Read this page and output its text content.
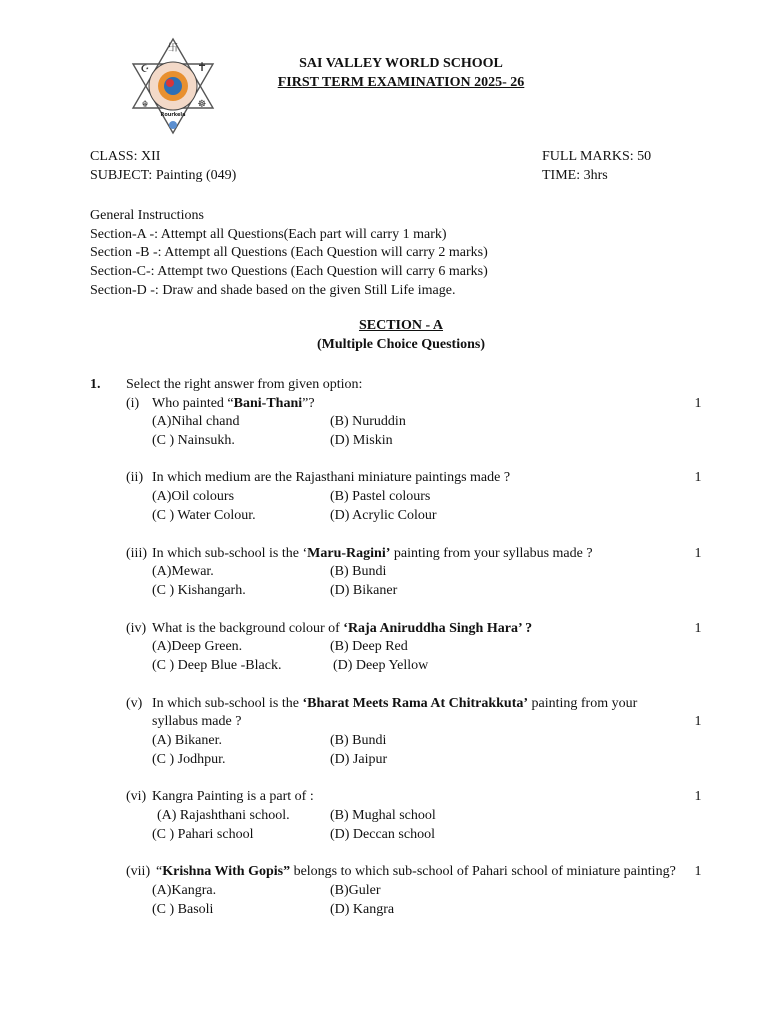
卐
✝
☪
☬	☸
Rourkela
SAI VALLEY WORLD SCHOOL
FIRST TERM EXAMINATION 2025- 26
CLASS: XII
SUBJECT: Painting (049)
FULL MARKS: 50
TIME: 3hrs
General Instructions
Section-A -: Attempt all Questions(Each part will carry 1 mark)
Section -B -: Attempt all Questions (Each Question will carry 2 marks)
Section-C-: Attempt two Questions (Each Question will carry 6 marks)
Section-D -: Draw and shade based on the given Still Life image.
SECTION - A
(Multiple Choice Questions)
1. Select the right answer from given option:
(i) Who painted “Bani-Thani”?	1
(A)Nihal chand	(B) Nuruddin
(C ) Nainsukh.	(D) Miskin
(ii) In which medium are the Rajasthani miniature paintings made ?	1
(A)Oil colours	(B) Pastel colours
(C ) Water Colour.	(D) Acrylic Colour
(iii) In which sub-school is the ‘Maru-Ragini’ painting from your syllabus made ?	1
(A)Mewar.	(B) Bundi
(C ) Kishangarh.	(D) Bikaner
(iv) What is the background colour of ‘Raja Aniruddha Singh Hara’ ?	1
(A)Deep Green.	(B) Deep Red
(C ) Deep Blue -Black.	(D) Deep Yellow
(v) In which sub-school is the ‘Bharat Meets Rama At Chitrakkuta’ painting from your
syllabus made ?	1
(A) Bikaner.	(B) Bundi
(C ) Jodhpur.	(D) Jaipur
(vi) Kangra Painting is a part of :	1
(A) Rajashthani school.	(B) Mughal school
(C ) Pahari school	(D) Deccan school
(vii) “Krishna With Gopis” belongs to which sub-school of Pahari school of miniature painting?	1
(A)Kangra.	(B)Guler
(C ) Basoli	(D) Kangra
